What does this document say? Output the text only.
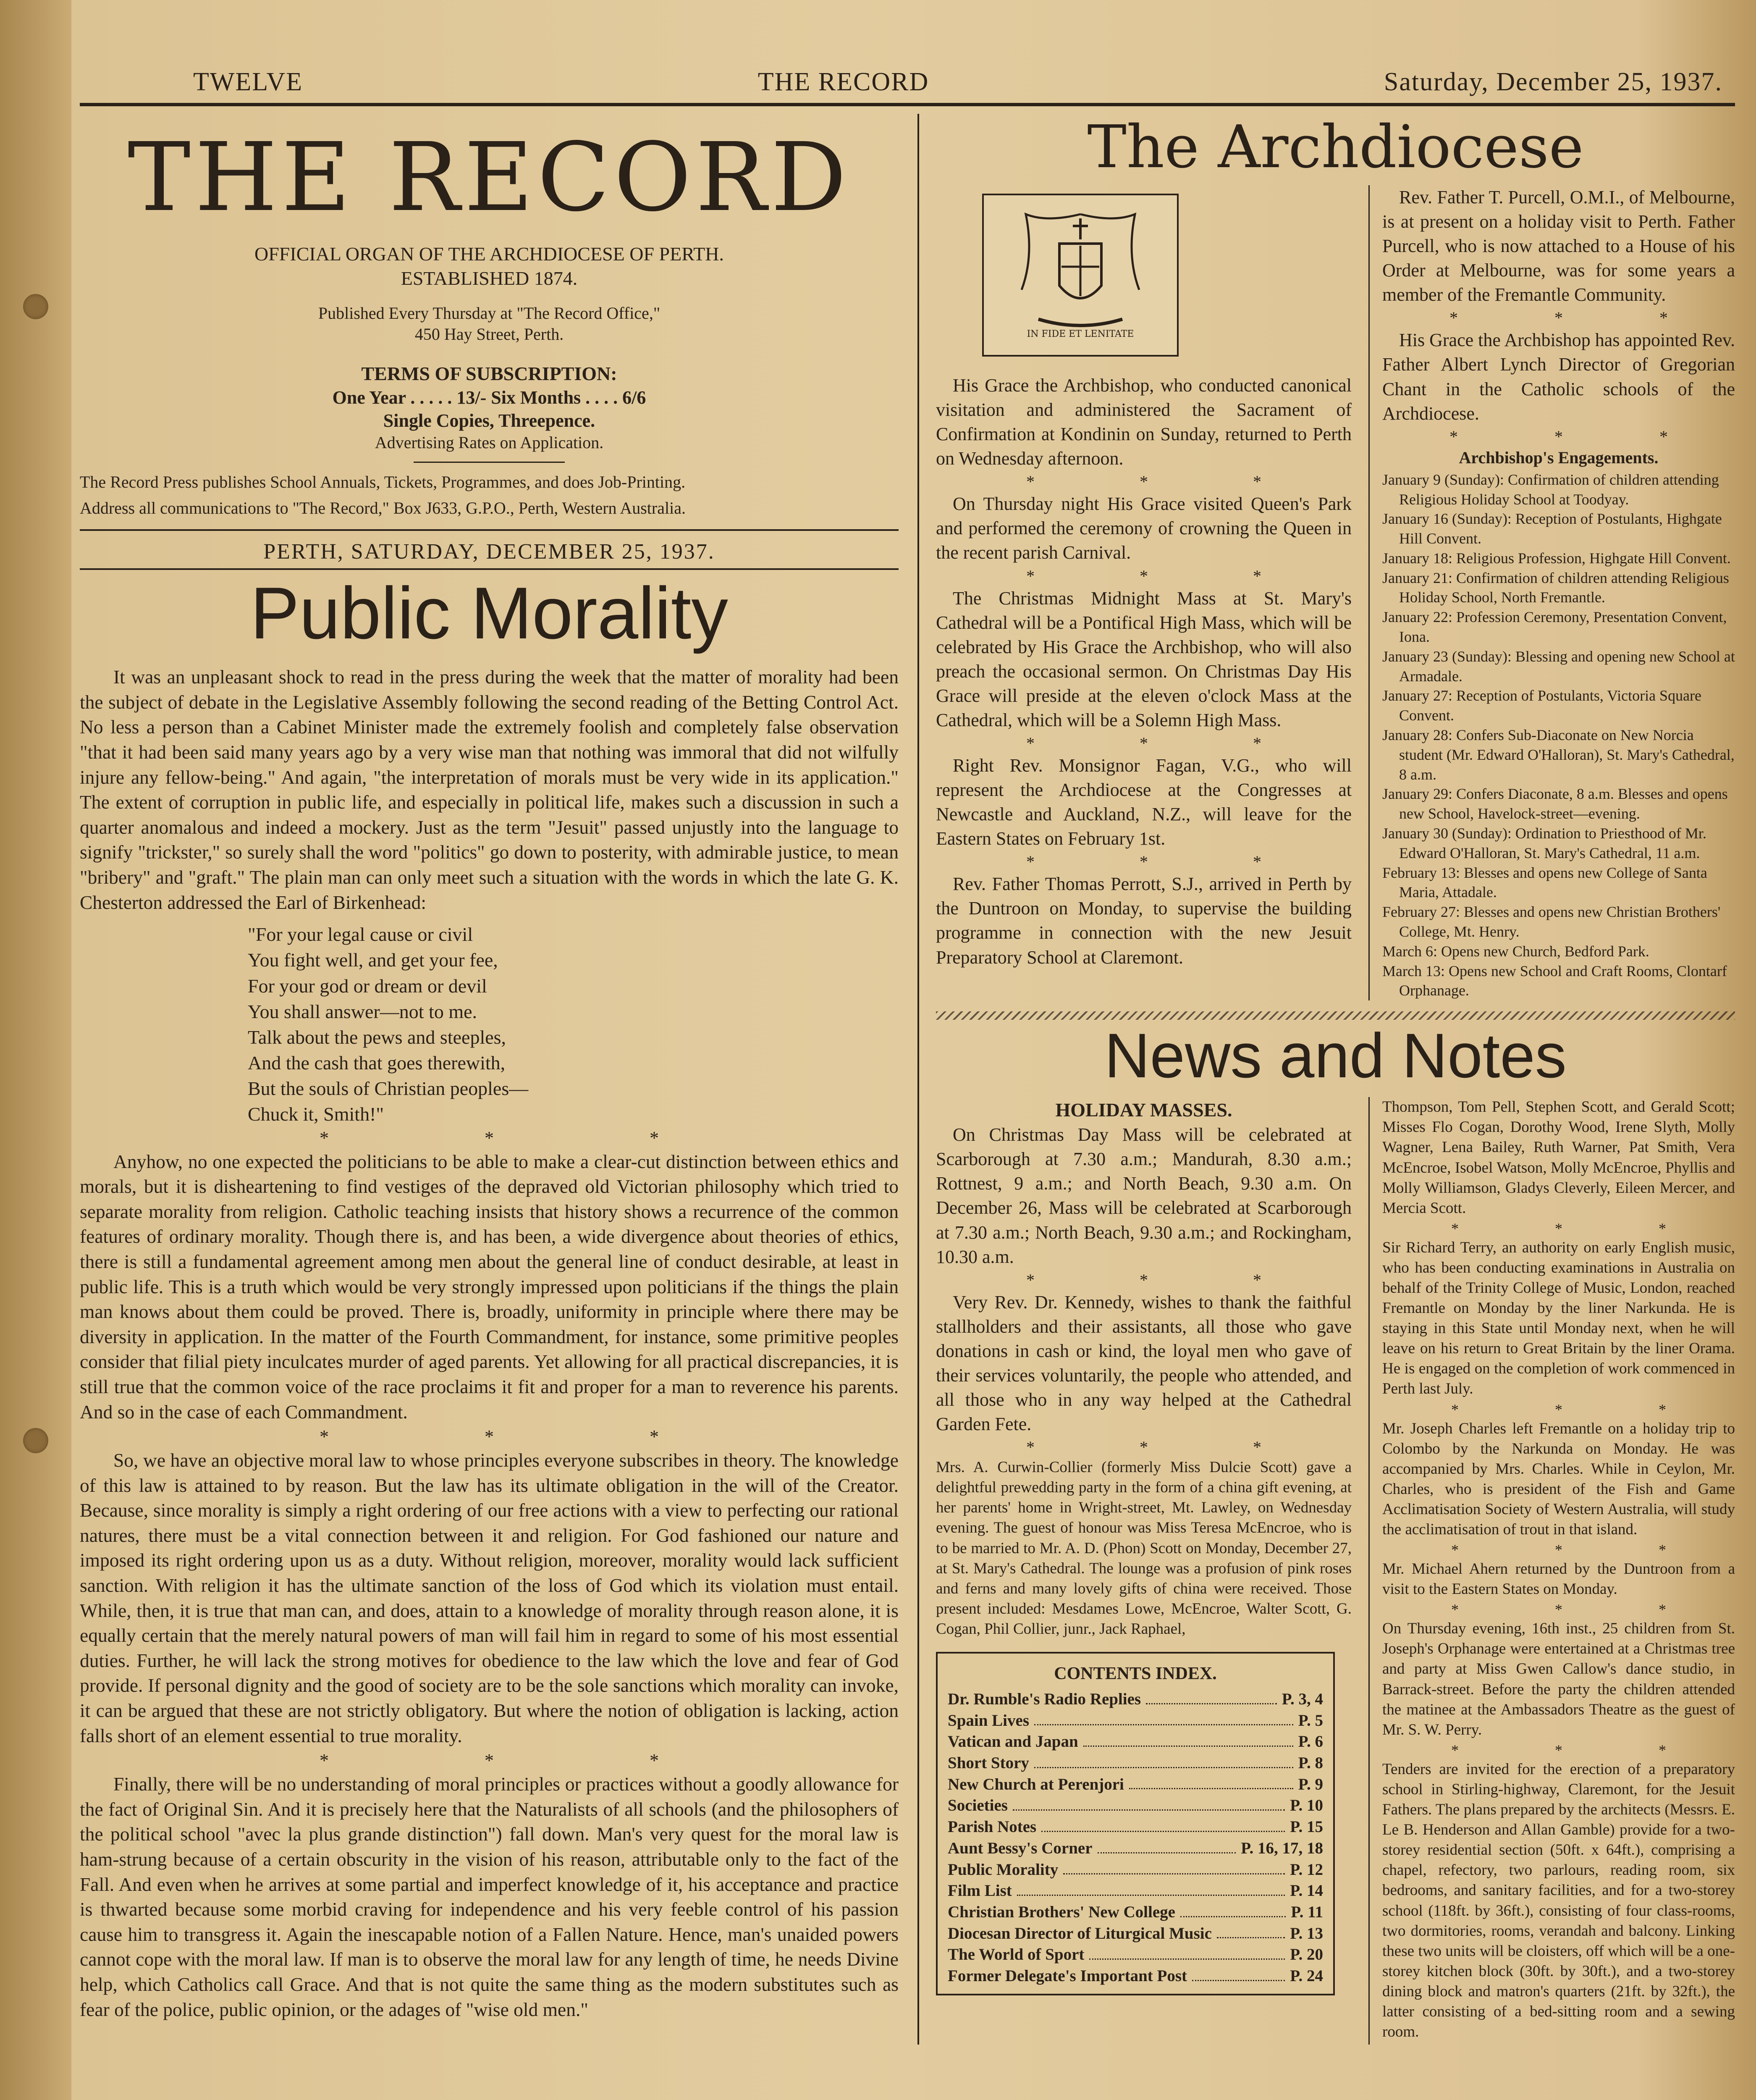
TWELVE	THE RECORD	Saturday, December 25, 1937.
THE RECORD

OFFICIAL ORGAN OF THE ARCHDIOCESE OF PERTH.

ESTABLISHED 1874.

Published Every Thursday at "The Record Office,"

450 Hay Street, Perth.

TERMS OF SUBSCRIPTION:

One Year . . . . . 13/- Six Months . . . . 6/6

Single Copies, Threepence.

Advertising Rates on Application.

The Record Press publishes School Annuals, Tickets, Programmes, and does Job-Printing.

Address all communications to "The Record," Box J633, G.P.O., Perth, Western Australia.

PERTH, SATURDAY, DECEMBER 25, 1937.
Public Morality

It was an unpleasant shock to read in the press during the week that the matter of morality had been the subject of debate in the Legislative Assembly following the second reading of the Betting Control Act. No less a person than a Cabinet Minister made the extremely foolish and completely false observation "that it had been said many years ago by a very wise man that nothing was immoral that did not wilfully injure any fellow-being." And again, "the interpretation of morals must be very wide in its application." The extent of corruption in public life, and especially in political life, makes such a discussion in such a quarter anomalous and indeed a mockery. Just as the term "Jesuit" passed unjustly into the language to signify "trickster," so surely shall the word "politics" go down to posterity, with admirable justice, to mean "bribery" and "graft." The plain man can only meet such a situation with the words in which the late G. K. Chesterton addressed the Earl of Birkenhead:

"For your legal cause or civil
You fight well, and get your fee,
For your god or dream or devil
You shall answer—not to me.
Talk about the pews and steeples,
And the cash that goes therewith,
But the souls of Christian peoples—
Chuck it, Smith!"
* * *

Anyhow, no one expected the politicians to be able to make a clear-cut distinction between ethics and morals, but it is disheartening to find vestiges of the depraved old Victorian philosophy which tried to separate morality from religion. Catholic teaching insists that history shows a recurrence of the common features of ordinary morality. Though there is, and has been, a wide divergence about theories of ethics, there is still a fundamental agreement among men about the general line of conduct desirable, at least in public life. This is a truth which would be very strongly impressed upon politicians if the things the plain man knows about them could be proved. There is, broadly, uniformity in principle where there may be diversity in application. In the matter of the Fourth Commandment, for instance, some primitive peoples consider that filial piety inculcates murder of aged parents. Yet allowing for all practical discrepancies, it is still true that the common voice of the race proclaims it fit and proper for a man to reverence his parents. And so in the case of each Commandment.

* * *

So, we have an objective moral law to whose principles everyone subscribes in theory. The knowledge of this law is attained to by reason. But the law has its ultimate obligation in the will of the Creator. Because, since morality is simply a right ordering of our free actions with a view to perfecting our rational natures, there must be a vital connection between it and religion. For God fashioned our nature and imposed its right ordering upon us as a duty. Without religion, moreover, morality would lack sufficient sanction. With religion it has the ultimate sanction of the loss of God which its violation must entail. While, then, it is true that man can, and does, attain to a knowledge of morality through reason alone, it is equally certain that the merely natural powers of man will fail him in regard to some of his most essential duties. Further, he will lack the strong motives for obedience to the law which the love and fear of God provide. If personal dignity and the good of society are to be the sole sanctions which morality can invoke, it can be argued that these are not strictly obligatory. But where the notion of obligation is lacking, action falls short of an element essential to true morality.

* * *

Finally, there will be no understanding of moral principles or practices without a goodly allowance for the fact of Original Sin. And it is precisely here that the Naturalists of all schools (and the philosophers of the political school "avec la plus grande distinction") fall down. Man's very quest for the moral law is ham-strung because of a certain obscurity in the vision of his reason, attributable only to the fact of the Fall. And even when he arrives at some partial and imperfect knowledge of it, his acceptance and practice is thwarted because some morbid craving for independence and his very feeble control of his passion cause him to transgress it. Again the inescapable notion of a Fallen Nature. Hence, man's unaided powers cannot cope with the moral law. If man is to observe the moral law for any length of time, he needs Divine help, which Catholics call Grace. And that is not quite the same thing as the modern substitutes such as fear of the police, public opinion, or the adages of "wise old men."

The Archdiocese
IN FIDE ET LENITATE

His Grace the Archbishop, who conducted canonical visitation and administered the Sacrament of Confirmation at Kondinin on Sunday, returned to Perth on Wednesday afternoon.

* * *

On Thursday night His Grace visited Queen's Park and performed the ceremony of crowning the Queen in the recent parish Carnival.

* * *

The Christmas Midnight Mass at St. Mary's Cathedral will be a Pontifical High Mass, which will be celebrated by His Grace the Archbishop, who will also preach the occasional sermon. On Christmas Day His Grace will preside at the eleven o'clock Mass at the Cathedral, which will be a Solemn High Mass.

* * *

Right Rev. Monsignor Fagan, V.G., who will represent the Archdiocese at the Congresses at Newcastle and Auckland, N.Z., will leave for the Eastern States on February 1st.

* * *

Rev. Father Thomas Perrott, S.J., arrived in Perth by the Duntroon on Monday, to supervise the building programme in connection with the new Jesuit Preparatory School at Claremont.

Rev. Father T. Purcell, O.M.I., of Melbourne, is at present on a holiday visit to Perth. Father Purcell, who is now attached to a House of his Order at Melbourne, was for some years a member of the Fremantle Community.

* * *

His Grace the Archbishop has appointed Rev. Father Albert Lynch Director of Gregorian Chant in the Catholic schools of the Archdiocese.

* * *

Archbishop's Engagements.

January 9 (Sunday): Confirmation of children attending Religious Holiday School at Toodyay.

January 16 (Sunday): Reception of Postulants, Highgate Hill Convent.

January 18: Religious Profession, Highgate Hill Convent.

January 21: Confirmation of children attending Religious Holiday School, North Fremantle.

January 22: Profession Ceremony, Presentation Convent, Iona.

January 23 (Sunday): Blessing and opening new School at Armadale.

January 27: Reception of Postulants, Victoria Square Convent.

January 28: Confers Sub-Diaconate on New Norcia student (Mr. Edward O'Halloran), St. Mary's Cathedral, 8 a.m.

January 29: Confers Diaconate, 8 a.m. Blesses and opens new School, Havelock-street—evening.

January 30 (Sunday): Ordination to Priesthood of Mr. Edward O'Halloran, St. Mary's Cathedral, 11 a.m.

February 13: Blesses and opens new College of Santa Maria, Attadale.

February 27: Blesses and opens new Christian Brothers' College, Mt. Henry.

March 6: Opens new Church, Bedford Park.

March 13: Opens new School and Craft Rooms, Clontarf Orphanage.

News and Notes

HOLIDAY MASSES.

On Christmas Day Mass will be celebrated at Scarborough at 7.30 a.m.; Mandurah, 8.30 a.m.; Rottnest, 9 a.m.; and North Beach, 9.30 a.m. On December 26, Mass will be celebrated at Scarborough at 7.30 a.m.; North Beach, 9.30 a.m.; and Rockingham, 10.30 a.m.

* * *

Very Rev. Dr. Kennedy, wishes to thank the faithful stallholders and their assistants, all those who gave donations in cash or kind, the loyal men who gave of their services voluntarily, the people who attended, and all those who in any way helped at the Cathedral Garden Fete.

* * *

Mrs. A. Curwin-Collier (formerly Miss Dulcie Scott) gave a delightful prewedding party in the form of a china gift evening, at her parents' home in Wright-street, Mt. Lawley, on Wednesday evening. The guest of honour was Miss Teresa McEncroe, who is to be married to Mr. A. D. (Phon) Scott on Monday, December 27, at St. Mary's Cathedral. The lounge was a profusion of pink roses and ferns and many lovely gifts of china were received. Those present included: Mesdames Lowe, McEncroe, Walter Scott, G. Cogan, Phil Collier, junr., Jack Raphael,

CONTENTS INDEX.
Dr. Rumble's Radio Replies	P. 3, 4
Spain Lives	P. 5
Vatican and Japan	P. 6
Short Story	P. 8
New Church at Perenjori	P. 9
Societies	P. 10
Parish Notes	P. 15
Aunt Bessy's Corner	P. 16, 17, 18
Public Morality	P. 12
Film List	P. 14
Christian Brothers' New College	P. 11
Diocesan Director of Liturgical Music	P. 13
The World of Sport	P. 20
Former Delegate's Important Post	P. 24

Thompson, Tom Pell, Stephen Scott, and Gerald Scott; Misses Flo Cogan, Dorothy Wood, Irene Slyth, Molly Wagner, Lena Bailey, Ruth Warner, Pat Smith, Vera McEncroe, Isobel Watson, Molly McEncroe, Phyllis and Molly Williamson, Gladys Cleverly, Eileen Mercer, and Mercia Scott.

* * *

Sir Richard Terry, an authority on early English music, who has been conducting examinations in Australia on behalf of the Trinity College of Music, London, reached Fremantle on Monday by the liner Narkunda. He is staying in this State until Monday next, when he will leave on his return to Great Britain by the liner Orama. He is engaged on the completion of work commenced in Perth last July.

* * *

Mr. Joseph Charles left Fremantle on a holiday trip to Colombo by the Narkunda on Monday. He was accompanied by Mrs. Charles. While in Ceylon, Mr. Charles, who is president of the Fish and Game Acclimatisation Society of Western Australia, will study the acclimatisation of trout in that island.

* * *

Mr. Michael Ahern returned by the Duntroon from a visit to the Eastern States on Monday.

* * *

On Thursday evening, 16th inst., 25 children from St. Joseph's Orphanage were entertained at a Christmas tree and party at Miss Gwen Callow's dance studio, in Barrack-street. Before the party the children attended the matinee at the Ambassadors Theatre as the guest of Mr. S. W. Perry.

* * *

Tenders are invited for the erection of a preparatory school in Stirling-highway, Claremont, for the Jesuit Fathers. The plans prepared by the architects (Messrs. E. Le B. Henderson and Allan Gamble) provide for a two-storey residential section (50ft. x 64ft.), comprising a chapel, refectory, two parlours, reading room, six bedrooms, and sanitary facilities, and for a two-storey school (118ft. by 36ft.), consisting of four class-rooms, two dormitories, rooms, verandah and balcony. Linking these two units will be cloisters, off which will be a one-storey kitchen block (30ft. by 30ft.), and a two-storey dining block and matron's quarters (21ft. by 32ft.), the latter consisting of a bed-sitting room and a sewing room.
